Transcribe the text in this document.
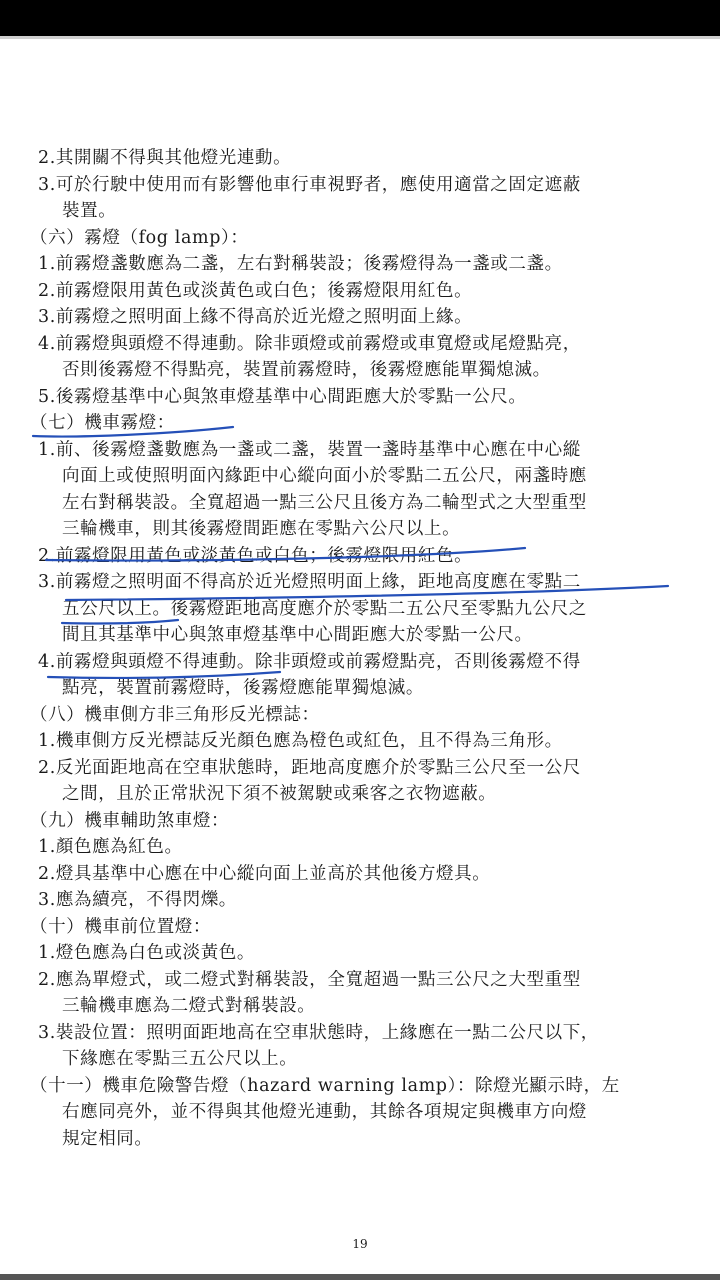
2.其開關不得與其他燈光連動。
3.可於行駛中使用而有影響他車行車視野者，應使用適當之固定遮蔽
裝置。
（六）霧燈（fog lamp）：
1.前霧燈盞數應為二盞，左右對稱裝設；後霧燈得為一盞或二盞。
2.前霧燈限用黃色或淡黃色或白色；後霧燈限用紅色。
3.前霧燈之照明面上緣不得高於近光燈之照明面上緣。
4.前霧燈與頭燈不得連動。除非頭燈或前霧燈或車寬燈或尾燈點亮，
否則後霧燈不得點亮，裝置前霧燈時，後霧燈應能單獨熄滅。
5.後霧燈基準中心與煞車燈基準中心間距應大於零點一公尺。
（七）機車霧燈：
1.前、後霧燈盞數應為一盞或二盞，裝置一盞時基準中心應在中心縱
向面上或使照明面內緣距中心縱向面小於零點二五公尺，兩盞時應
左右對稱裝設。全寬超過一點三公尺且後方為二輪型式之大型重型
三輪機車，則其後霧燈間距應在零點六公尺以上。
2.前霧燈限用黃色或淡黃色或白色；後霧燈限用紅色。
3.前霧燈之照明面不得高於近光燈照明面上緣，距地高度應在零點二
五公尺以上。後霧燈距地高度應介於零點二五公尺至零點九公尺之
間且其基準中心與煞車燈基準中心間距應大於零點一公尺。
4.前霧燈與頭燈不得連動。除非頭燈或前霧燈點亮，否則後霧燈不得
點亮，裝置前霧燈時，後霧燈應能單獨熄滅。
（八）機車側方非三角形反光標誌：
1.機車側方反光標誌反光顏色應為橙色或紅色，且不得為三角形。
2.反光面距地高在空車狀態時，距地高度應介於零點三公尺至一公尺
之間，且於正常狀況下須不被駕駛或乘客之衣物遮蔽。
（九）機車輔助煞車燈：
1.顏色應為紅色。
2.燈具基準中心應在中心縱向面上並高於其他後方燈具。
3.應為續亮，不得閃爍。
（十）機車前位置燈：
1.燈色應為白色或淡黃色。
2.應為單燈式，或二燈式對稱裝設，全寬超過一點三公尺之大型重型
三輪機車應為二燈式對稱裝設。
3.裝設位置：照明面距地高在空車狀態時，上緣應在一點二公尺以下，
下緣應在零點三五公尺以上。
（十一）機車危險警告燈（hazard warning lamp）：除燈光顯示時，左
右應同亮外，並不得與其他燈光連動，其餘各項規定與機車方向燈
規定相同。
19
